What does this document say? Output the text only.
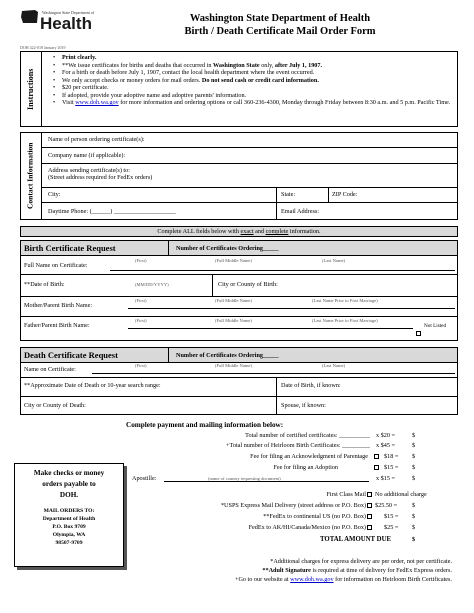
Washington State Department of
Health
DOH 422-018 January 2019
Washington State Department of Health
Birth / Death Certificate Mail Order Form
Instructions
• Print clearly.
• **We issue certificates for births and deaths that occurred in Washington State only, after July 1, 1907.
• For a birth or death before July 1, 1907, contact the local health department where the event occurred.
• We only accept checks or money orders for mail orders. Do not send cash or credit card information.
• $20 per certificate.
• If adopted, provide your adoptive name and adoptive parents' information.
• Visit www.doh.wa.gov for more information and ordering options or call 360-236-4300, Monday through Friday between 8:30 a.m. and 5 p.m. Pacific Time.
Contact Information
Name of person ordering certificate(s):
Company name (if applicable):
Address sending certificate(s) to:
(Street address required for FedEx orders)
City:	State:	ZIP Code:
Daytime Phone: (______) ____________________	Email Address:
Complete ALL fields below with exact and complete information.
Birth Certificate Request	Number of Certificates Ordering_____
Full Name on Certificate:
(First)	(Full Middle Name)	(Last Name)
**Date of Birth:	(MM/DD/YYYY)	City or County of Birth:
Mother/Parent Birth Name:
(First)	(Full Middle Name)	(Last Name Prior to First Marriage)
Father/Parent Birth Name:
(First)	(Full Middle Name)	(Last Name Prior to First Marriage)
Not Listed
Death Certificate Request	Number of Certificates Ordering_____
Name on Certificate:
(First)	(Full Middle Name)	(Last Name)
**Approximate Date of Death or 10-year search range:	Date of Birth, if known:
City or County of Death:	Spouse, if known:
Complete payment and mailing information below:
Total number of certified certificates: __________ x $20 =	$
+Total number of Heirloom Birth Certificates: _________ x $45 =	$
Fee for filing an Acknowledgment of Parentage	$18 = $
Fee for filing an Adoption	$15 = $
Apostille:	(name of country requesting document)	x $15 =	$
First Class Mail No additional charge
*USPS Express Mail Delivery (street address or P.O. Box) $25.50 = $
**FedEx to continental US (no P.O. Box)	$15 = $
FedEx to AK/HI/Canada/Mexico (no P.O. Box)	$25 = $
TOTAL AMOUNT DUE	$
Make checks or money
orders payable to
DOH.
MAIL ORDERS TO:
Department of Health
P.O. Box 9709
Olympia, WA
98507-9709
*Additional charges for express delivery are per order, not per certificate.
**Adult Signature is required at time of delivery for FedEx Express orders.
+Go to our website at www.doh.wa.gov for information on Heirloom Birth Certificates.
